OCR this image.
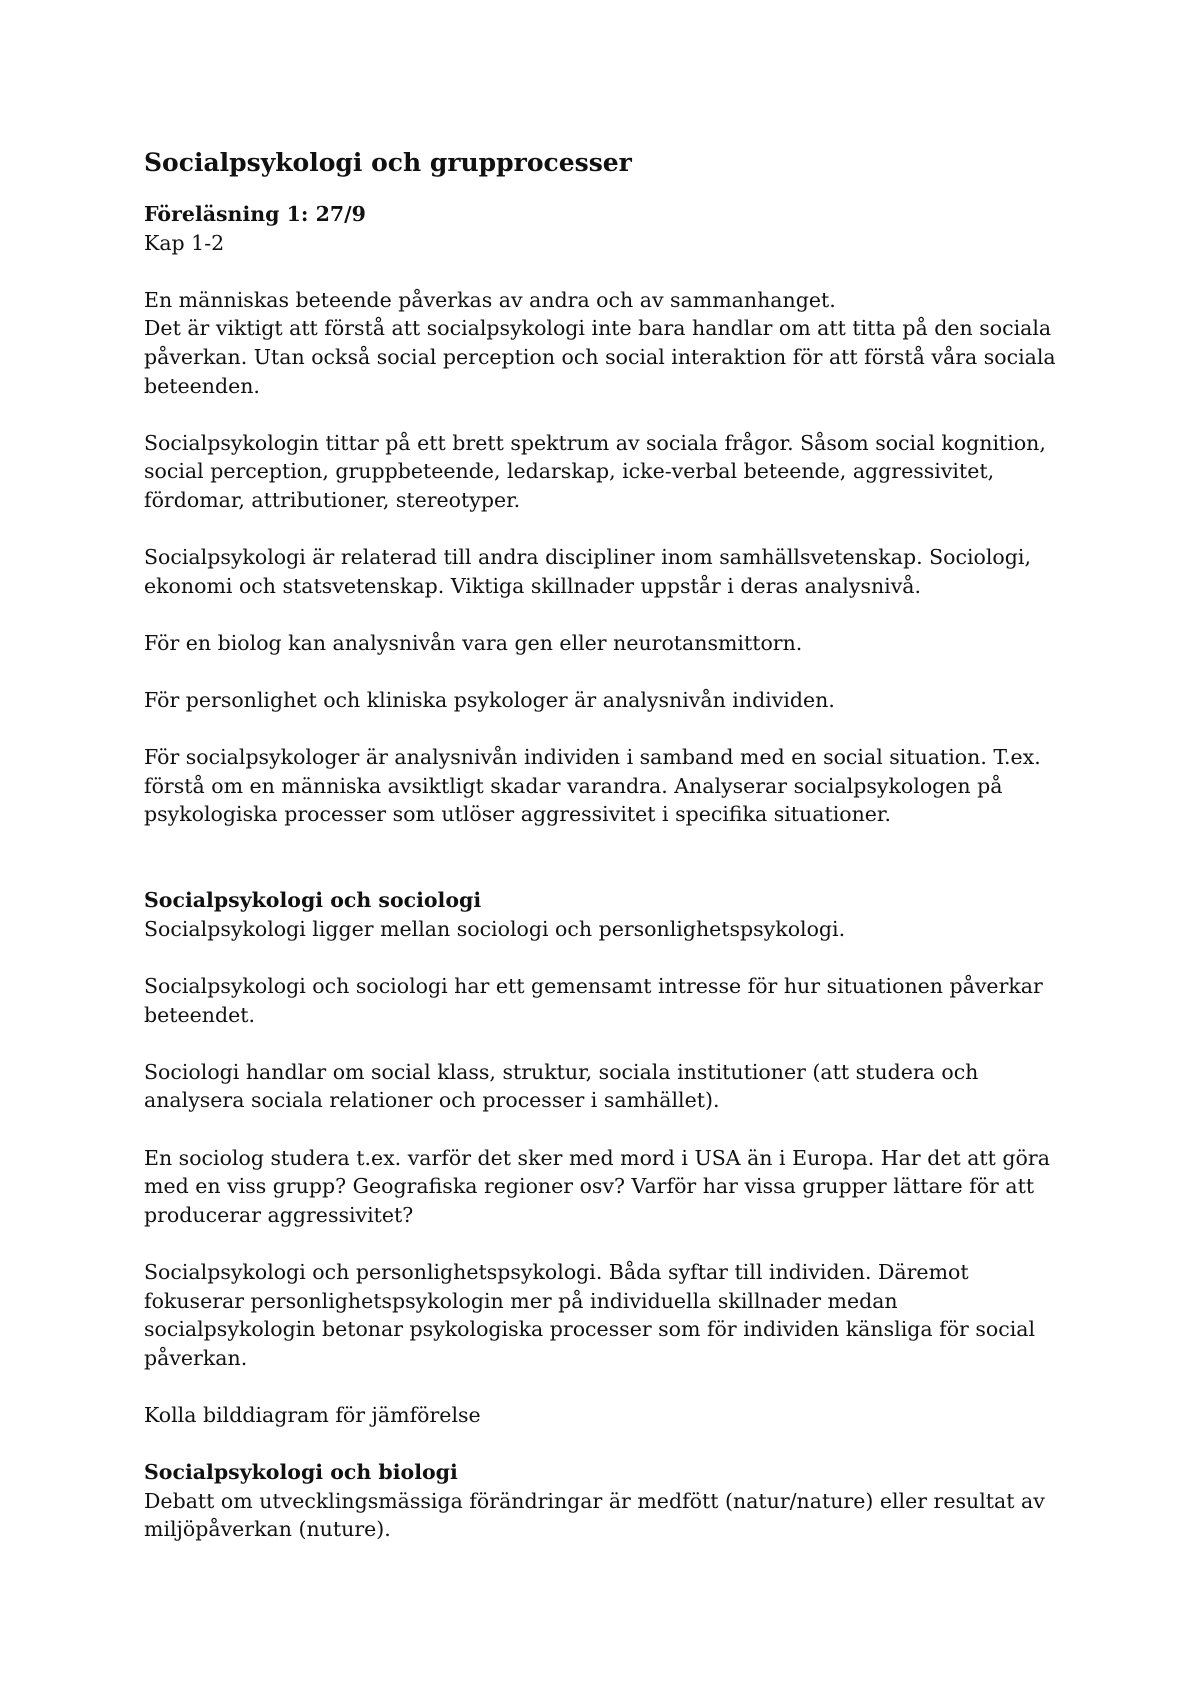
Socialpsykologi och grupprocesser
Föreläsning 1: 27/9

Kap 1-2

En människas beteende påverkas av andra och av sammanhanget.
Det är viktigt att förstå att socialpsykologi inte bara handlar om att titta på den sociala påverkan. Utan också social perception och social interaktion för att förstå våra sociala beteenden.

Socialpsykologin tittar på ett brett spektrum av sociala frågor. Såsom social kognition, social perception, gruppbeteende, ledarskap, icke-verbal beteende, aggressivitet, fördomar, attributioner, stereotyper.

Socialpsykologi är relaterad till andra discipliner inom samhällsvetenskap. Sociologi, ekonomi och statsvetenskap. Viktiga skillnader uppstår i deras analysnivå.

För en biolog kan analysnivån vara gen eller neurotansmittorn.

För personlighet och kliniska psykologer är analysnivån individen.

För socialpsykologer är analysnivån individen i samband med en social situation. T.ex. förstå om en människa avsiktligt skadar varandra. Analyserar socialpsykologen på psykologiska processer som utlöser aggressivitet i specifika situationer.

Socialpsykologi och sociologi

Socialpsykologi ligger mellan sociologi och personlighetspsykologi.

Socialpsykologi och sociologi har ett gemensamt intresse för hur situationen påverkar beteendet.

Sociologi handlar om social klass, struktur, sociala institutioner (att studera och analysera sociala relationer och processer i samhället).

En sociolog studera t.ex. varför det sker med mord i USA än i Europa. Har det att göra med en viss grupp? Geografiska regioner osv? Varför har vissa grupper lättare för att producerar aggressivitet?

Socialpsykologi och personlighetspsykologi. Båda syftar till individen. Däremot fokuserar personlighetspsykologin mer på individuella skillnader medan socialpsykologin betonar psykologiska processer som för individen känsliga för social påverkan.

Kolla bilddiagram för jämförelse

Socialpsykologi och biologi

Debatt om utvecklingsmässiga förändringar är medfött (natur/nature) eller resultat av miljöpåverkan (nuture).
